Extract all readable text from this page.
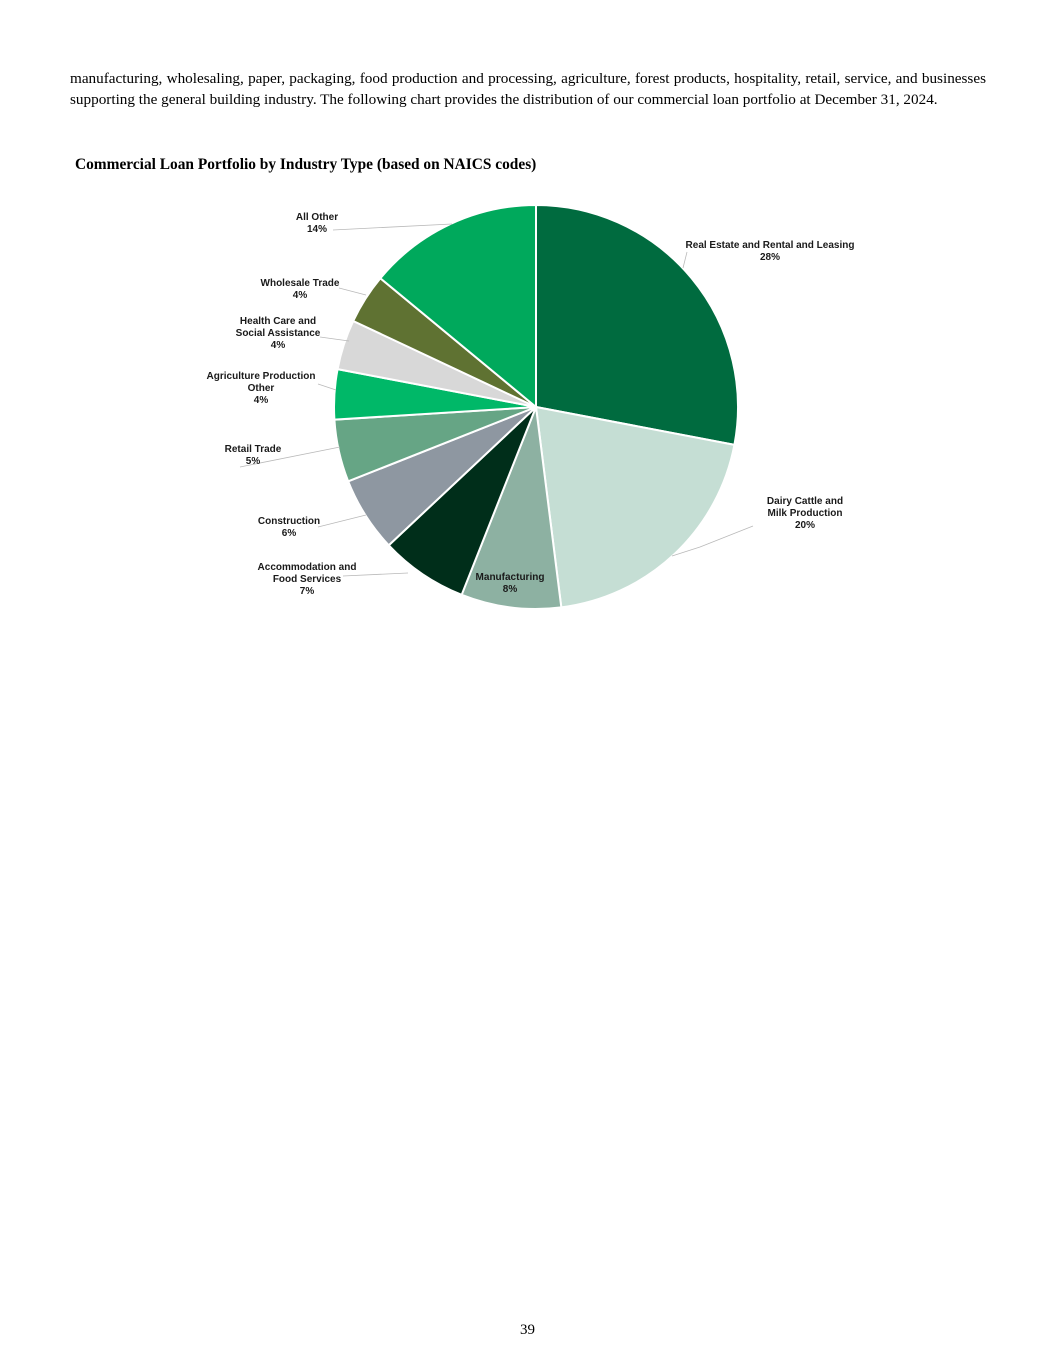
manufacturing, wholesaling, paper, packaging, food production and processing, agriculture, forest products, hospitality, retail, service, and businesses supporting the general building industry. The following chart provides the distribution of our commercial loan portfolio at December 31, 2024.

Commercial Loan Portfolio by Industry Type (based on NAICS codes)

Real Estate and Rental and Leasing 28%
Dairy Cattle and Milk Production 20%
Manufacturing 8%
Accommodation and Food Services 7%
Construction 6%
Retail Trade 5%
Agriculture Production Other 4%
Health Care and Social Assistance 4%
Wholesale Trade 4%
All Other 14%

39
